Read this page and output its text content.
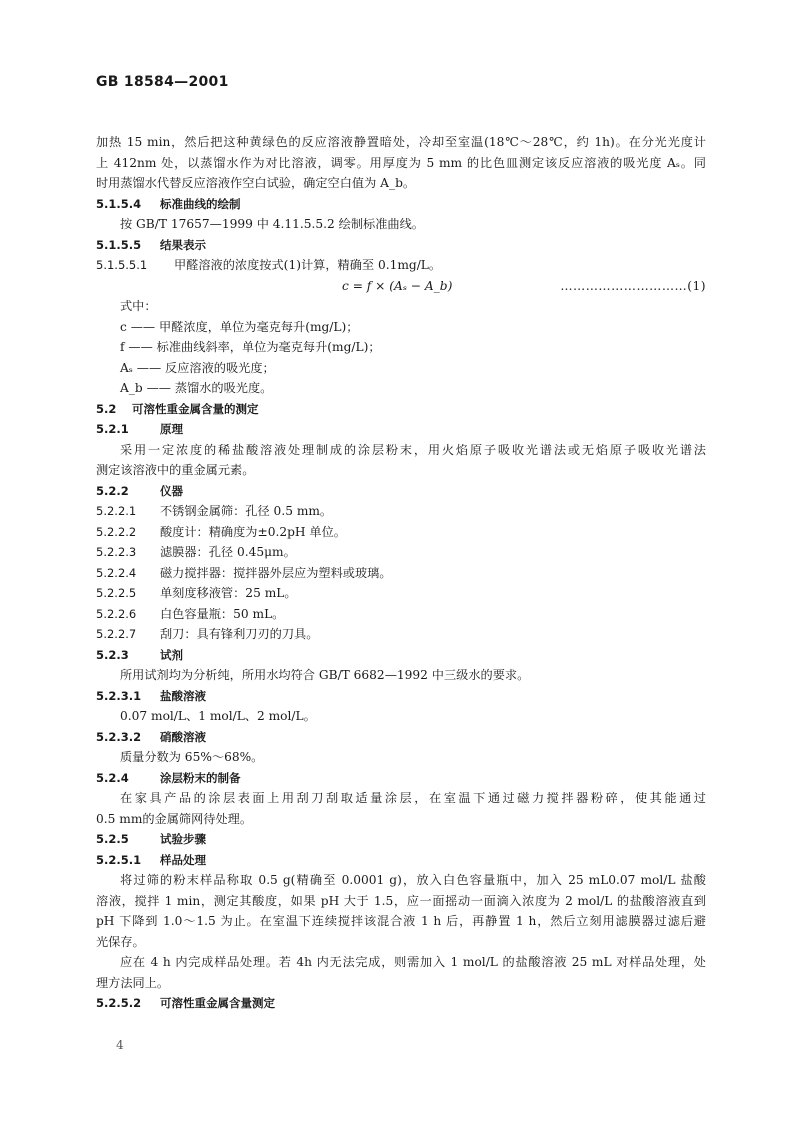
GB 18584—2001
加热 15 min，然后把这种黄绿色的反应溶液静置暗处，冷却至室温(18℃～28℃，约 1h)。在分光光度计
上 412nm 处，以蒸馏水作为对比溶液，调零。用厚度为 5 mm 的比色皿测定该反应溶液的吸光度 Aₛ。同
时用蒸馏水代替反应溶液作空白试验，确定空白值为 A_b。
5.1.5.4 标准曲线的绘制
按 GB/T 17657—1999 中 4.11.5.5.2 绘制标准曲线。
5.1.5.5 结果表示
5.1.5.5.1 甲醛溶液的浓度按式(1)计算，精确至 0.1mg/L。
c = f × (Aₛ − A_b)	…………………………(1)
式中：
c —— 甲醛浓度，单位为毫克每升(mg/L)；
f —— 标准曲线斜率，单位为毫克每升(mg/L)；
Aₛ —— 反应溶液的吸光度；
A_b —— 蒸馏水的吸光度。
5.2 可溶性重金属含量的测定
5.2.1	原理
采用一定浓度的稀盐酸溶液处理制成的涂层粉末，用火焰原子吸收光谱法或无焰原子吸收光谱法
测定该溶液中的重金属元素。
5.2.2	仪器
5.2.2.1 不锈钢金属筛：孔径 0.5 mm。
5.2.2.2 酸度计：精确度为±0.2pH 单位。
5.2.2.3 滤膜器：孔径 0.45μm。
5.2.2.4 磁力搅拌器：搅拌器外层应为塑料或玻璃。
5.2.2.5 单刻度移液管：25 mL。
5.2.2.6 白色容量瓶：50 mL。
5.2.2.7 刮刀：具有锋利刀刃的刀具。
5.2.3	试剂
所用试剂均为分析纯，所用水均符合 GB/T 6682—1992 中三级水的要求。
5.2.3.1 盐酸溶液
0.07 mol/L、1 mol/L、2 mol/L。
5.2.3.2 硝酸溶液
质量分数为 65%～68%。
5.2.4	涂层粉末的制备
在家具产品的涂层表面上用刮刀刮取适量涂层，在室温下通过磁力搅拌器粉碎，使其能通过
0.5 mm的金属筛网待处理。
5.2.5	试验步骤
5.2.5.1 样品处理
将过筛的粉末样品称取 0.5 g(精确至 0.0001 g)，放入白色容量瓶中，加入 25 mL0.07 mol/L 盐酸
溶液，搅拌 1 min，测定其酸度，如果 pH 大于 1.5，应一面摇动一面滴入浓度为 2 mol/L 的盐酸溶液直到
pH 下降到 1.0～1.5 为止。在室温下连续搅拌该混合液 1 h 后，再静置 1 h，然后立刻用滤膜器过滤后避
光保存。
应在 4 h 内完成样品处理。若 4h 内无法完成，则需加入 1 mol/L 的盐酸溶液 25 mL 对样品处理，处
理方法同上。
5.2.5.2 可溶性重金属含量测定
4
